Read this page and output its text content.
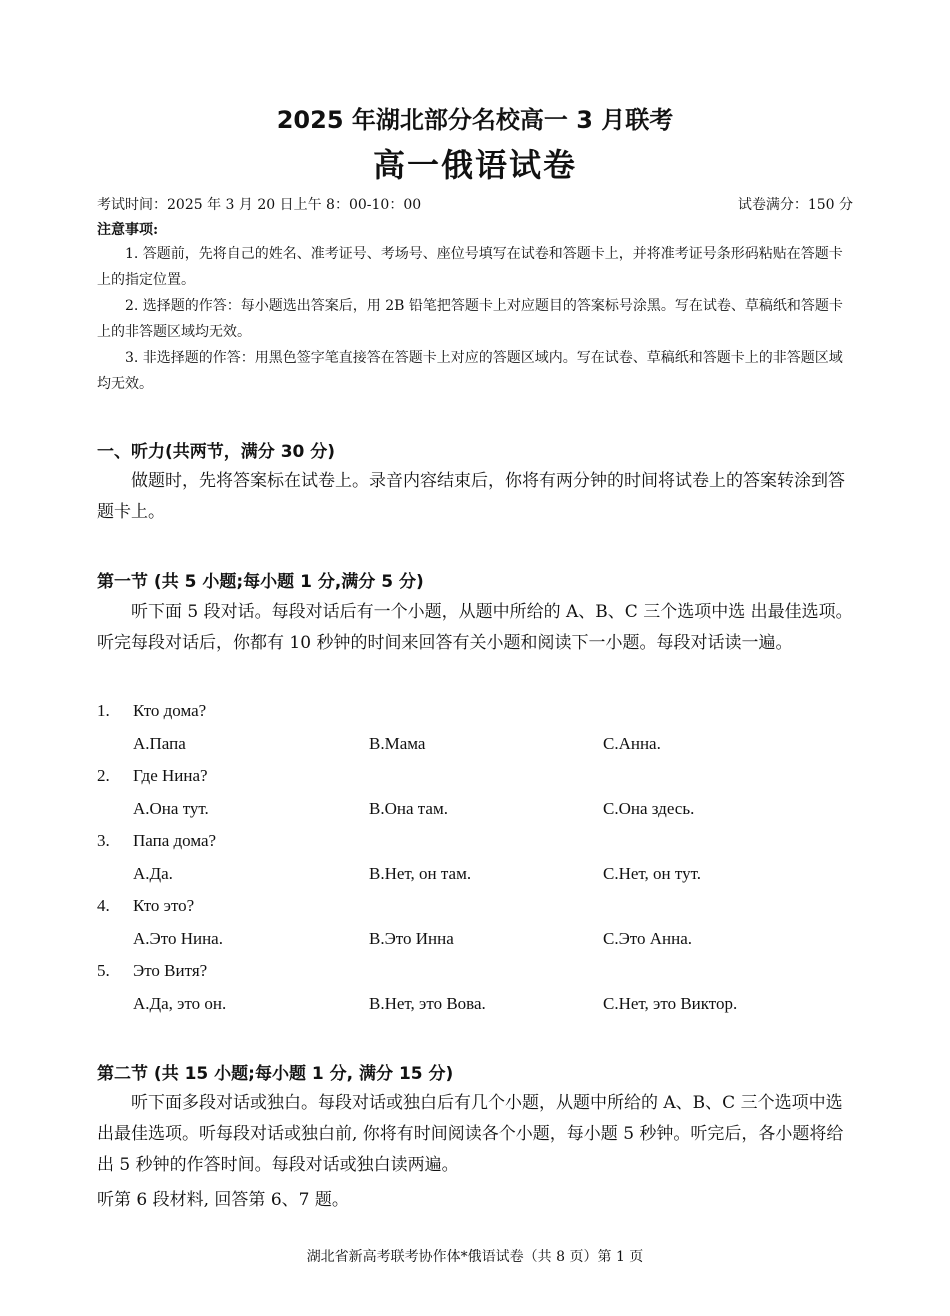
2025 年湖北部分名校高一 3 月联考
高一俄语试卷
考试时间：2025 年 3 月 20 日上午 8：00-10：00	试卷满分：150 分
注意事项:

1. 答题前，先将自己的姓名、准考证号、考场号、座位号填写在试卷和答题卡上，并将准考证号条形码粘贴在答题卡上的指定位置。

2. 选择题的作答：每小题选出答案后，用 2B 铅笔把答题卡上对应题目的答案标号涂黑。写在试卷、草稿纸和答题卡上的非答题区域均无效。

3. 非选择题的作答：用黑色签字笔直接答在答题卡上对应的答题区域内。写在试卷、草稿纸和答题卡上的非答题区域均无效。

一、听力(共两节，满分 30 分)

做题时，先将答案标在试卷上。录音内容结束后，你将有两分钟的时间将试卷上的答案转涂到答题卡上。

第一节 (共 5 小题;每小题 1 分,满分 5 分)

听下面 5 段对话。每段对话后有一个小题，从题中所给的 A、B、C 三个选项中选 出最佳选项。听完每段对话后，你都有 10 秒钟的时间来回答有关小题和阅读下一小题。每段对话读一遍。

1. Кто дома?
A.Папа	B.Мама	C.Анна.
2. Где Нина?
A.Она тут.	B.Она там.	C.Она здесь.
3. Папа дома?
A.Да.	B.Нет, он там.	C.Нет, он тут.
4. Кто это?
A.Это Нина.	B.Это Инна	C.Это Анна.
5. Это Витя?
A.Да, это он.	B.Нет, это Вова.	C.Нет, это Виктор.
第二节 (共 15 小题;每小题 1 分, 满分 15 分)

听下面多段对话或独白。每段对话或独白后有几个小题，从题中所给的 A、B、C 三个选项中选出最佳选项。听每段对话或独白前, 你将有时间阅读各个小题，每小题 5 秒钟。听完后，各小题将给出 5 秒钟的作答时间。每段对话或独白读两遍。

听第 6 段材料, 回答第 6、7 题。

湖北省新高考联考协作体*俄语试卷（共 8 页）第 1 页
